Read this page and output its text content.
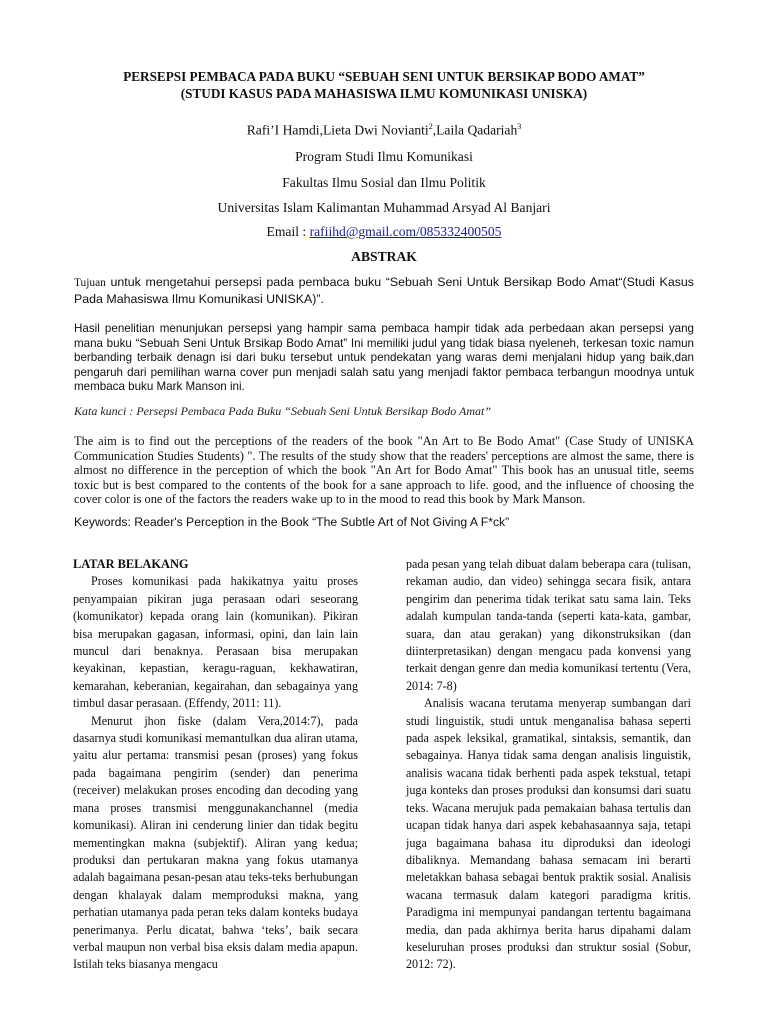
PERSEPSI PEMBACA PADA BUKU “SEBUAH SENI UNTUK BERSIKAP BODO AMAT”
(STUDI KASUS PADA MAHASISWA ILMU KOMUNIKASI UNISKA)
Rafi’I Hamdi,Lieta Dwi Novianti$^2$,Laila Qadariah$^3$
Program Studi Ilmu Komunikasi
Fakultas Ilmu Sosial dan Ilmu Politik
Universitas Islam Kalimantan Muhammad Arsyad Al Banjari
Email : rafiihd@gmail.com/085332400505
ABSTRAK
Tujuan untuk mengetahui persepsi pada pembaca buku “Sebuah Seni Untuk Bersikap Bodo Amat“(Studi Kasus Pada Mahasiswa Ilmu Komunikasi UNISKA)”.
Hasil penelitian menunjukan persepsi yang hampir sama pembaca hampir tidak ada perbedaan akan persepsi yang mana buku “Sebuah Seni Untuk Brsikap Bodo Amat” Ini memiliki judul yang tidak biasa nyeleneh, terkesan toxic namun berbanding terbaik denagn isi dari buku tersebut untuk pendekatan yang waras demi menjalani hidup yang baik,dan pengaruh dari pemilihan warna cover pun menjadi salah satu yang menjadi faktor pembaca terbangun moodnya untuk membaca buku Mark Manson ini.
Kata kunci : Persepsi Pembaca Pada Buku “Sebuah Seni Untuk Bersikap Bodo Amat”
The aim is to find out the perceptions of the readers of the book "An Art to Be Bodo Amat" (Case Study of UNISKA Communication Studies Students) ". The results of the study show that the readers' perceptions are almost the same, there is almost no difference in the perception of which the book "An Art for Bodo Amat" This book has an unusual title, seems toxic but is best compared to the contents of the book for a sane approach to life. good, and the influence of choosing the cover color is one of the factors the readers wake up to in the mood to read this book by Mark Manson.
Keywords: Reader's Perception in the Book “The Subtle Art of Not Giving A F*ck”
LATAR BELAKANG

Proses komunikasi pada hakikatnya yaitu proses penyampaian pikiran juga perasaan odari seseorang (komunikator) kepada orang lain (komunikan). Pikiran bisa merupakan gagasan, informasi, opini, dan lain lain muncul dari benaknya. Perasaan bisa merupakan keyakinan, kepastian, keragu-raguan, kekhawatiran, kemarahan, keberanian, kegairahan, dan sebagainya yang timbul dasar perasaan. (Effendy, 2011: 11).

Menurut jhon fiske (dalam Vera,2014:7), pada dasarnya studi komunikasi memantulkan dua aliran utama, yaitu alur pertama: transmisi pesan (proses) yang fokus pada bagaimana pengirim (sender) dan penerima (receiver) melakukan proses encoding dan decoding yang mana proses transmisi menggunakanchannel (media komunikasi). Aliran ini cenderung linier dan tidak begitu mementingkan makna (subjektif). Aliran yang kedua; produksi dan pertukaran makna yang fokus utamanya adalah bagaimana pesan-pesan atau teks-teks berhubungan dengan khalayak dalam memproduksi makna, yang perhatian utamanya pada peran teks dalam konteks budaya penerimanya. Perlu dicatat, bahwa ‘teks’, baik secara verbal maupun non verbal bisa eksis dalam media apapun. Istilah teks biasanya mengacu

pada pesan yang telah dibuat dalam beberapa cara (tulisan, rekaman audio, dan video) sehingga secara fisik, antara pengirim dan penerima tidak terikat satu sama lain. Teks adalah kumpulan tanda-tanda (seperti kata-kata, gambar, suara, dan atau gerakan) yang dikonstruksikan (dan diinterpretasikan) dengan mengacu pada konvensi yang terkait dengan genre dan media komunikasi tertentu (Vera, 2014: 7-8)

Analisis wacana terutama menyerap sumbangan dari studi linguistik, studi untuk menganalisa bahasa seperti pada aspek leksikal, gramatikal, sintaksis, semantik, dan sebagainya. Hanya tidak sama dengan analisis linguistik, analisis wacana tidak berhenti pada aspek tekstual, tetapi juga konteks dan proses produksi dan konsumsi dari suatu teks. Wacana merujuk pada pemakaian bahasa tertulis dan ucapan tidak hanya dari aspek kebahasaannya saja, tetapi juga bagaimana bahasa itu diproduksi dan ideologi dibaliknya. Memandang bahasa semacam ini berarti meletakkan bahasa sebagai bentuk praktik sosial. Analisis wacana termasuk dalam kategori paradigma kritis. Paradigma ini mempunyai pandangan tertentu bagaimana media, dan pada akhirnya berita harus dipahami dalam keseluruhan proses produksi dan struktur sosial (Sobur, 2012: 72).
